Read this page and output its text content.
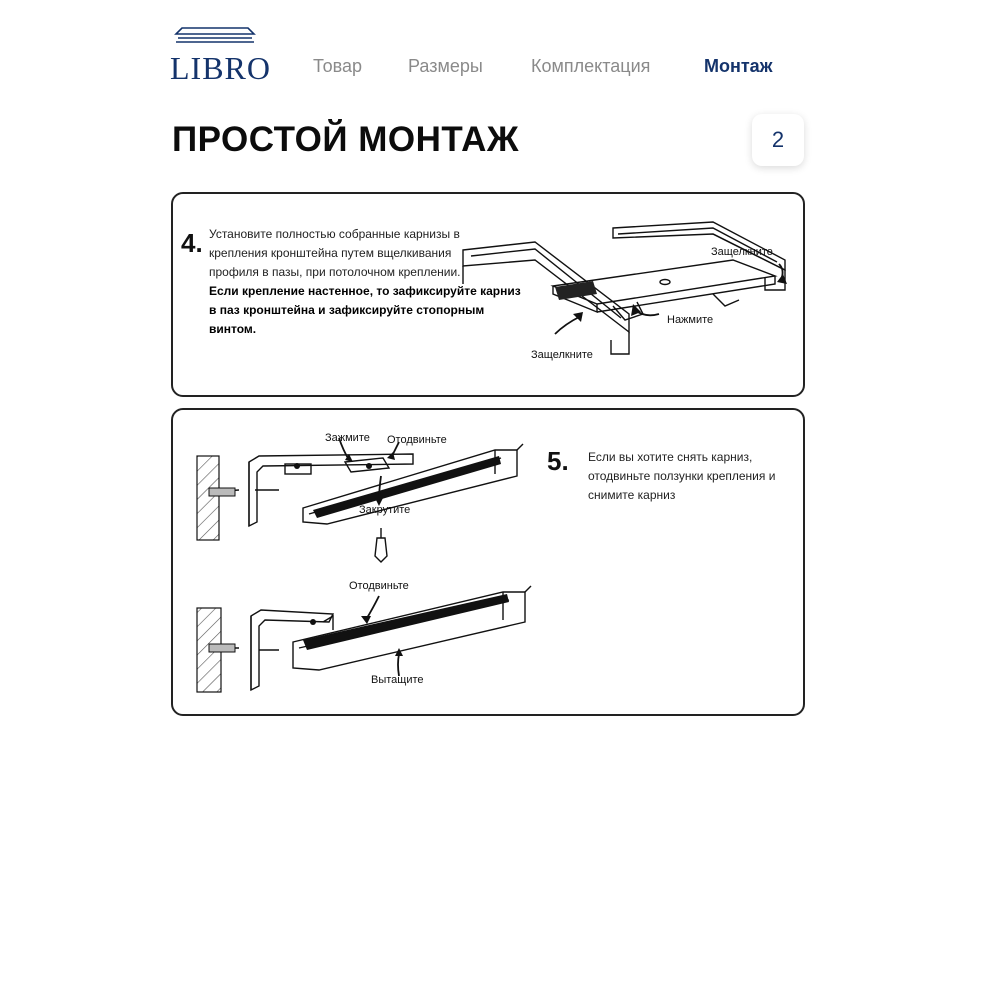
LIBRO Товар	Размеры	Комплектация	Монтаж
ПРОСТОЙ МОНТАЖ	2
4. Установите полностью собранные карнизы в
крепления кронштейна путем вщелкивания
профиля в пазы, при потолочном креплении.
Если крепление настенное, то зафиксируйте карниз
в паз кронштейна и зафиксируйте стопорным
винтом.
Защелкните
Нажмите
Защелкните
5. Если вы хотите снять карниз,
отодвиньте ползунки крепления и
снимите карниз
Зажмите Отодвиньте
Закрутите
Отодвиньте
Вытащите
